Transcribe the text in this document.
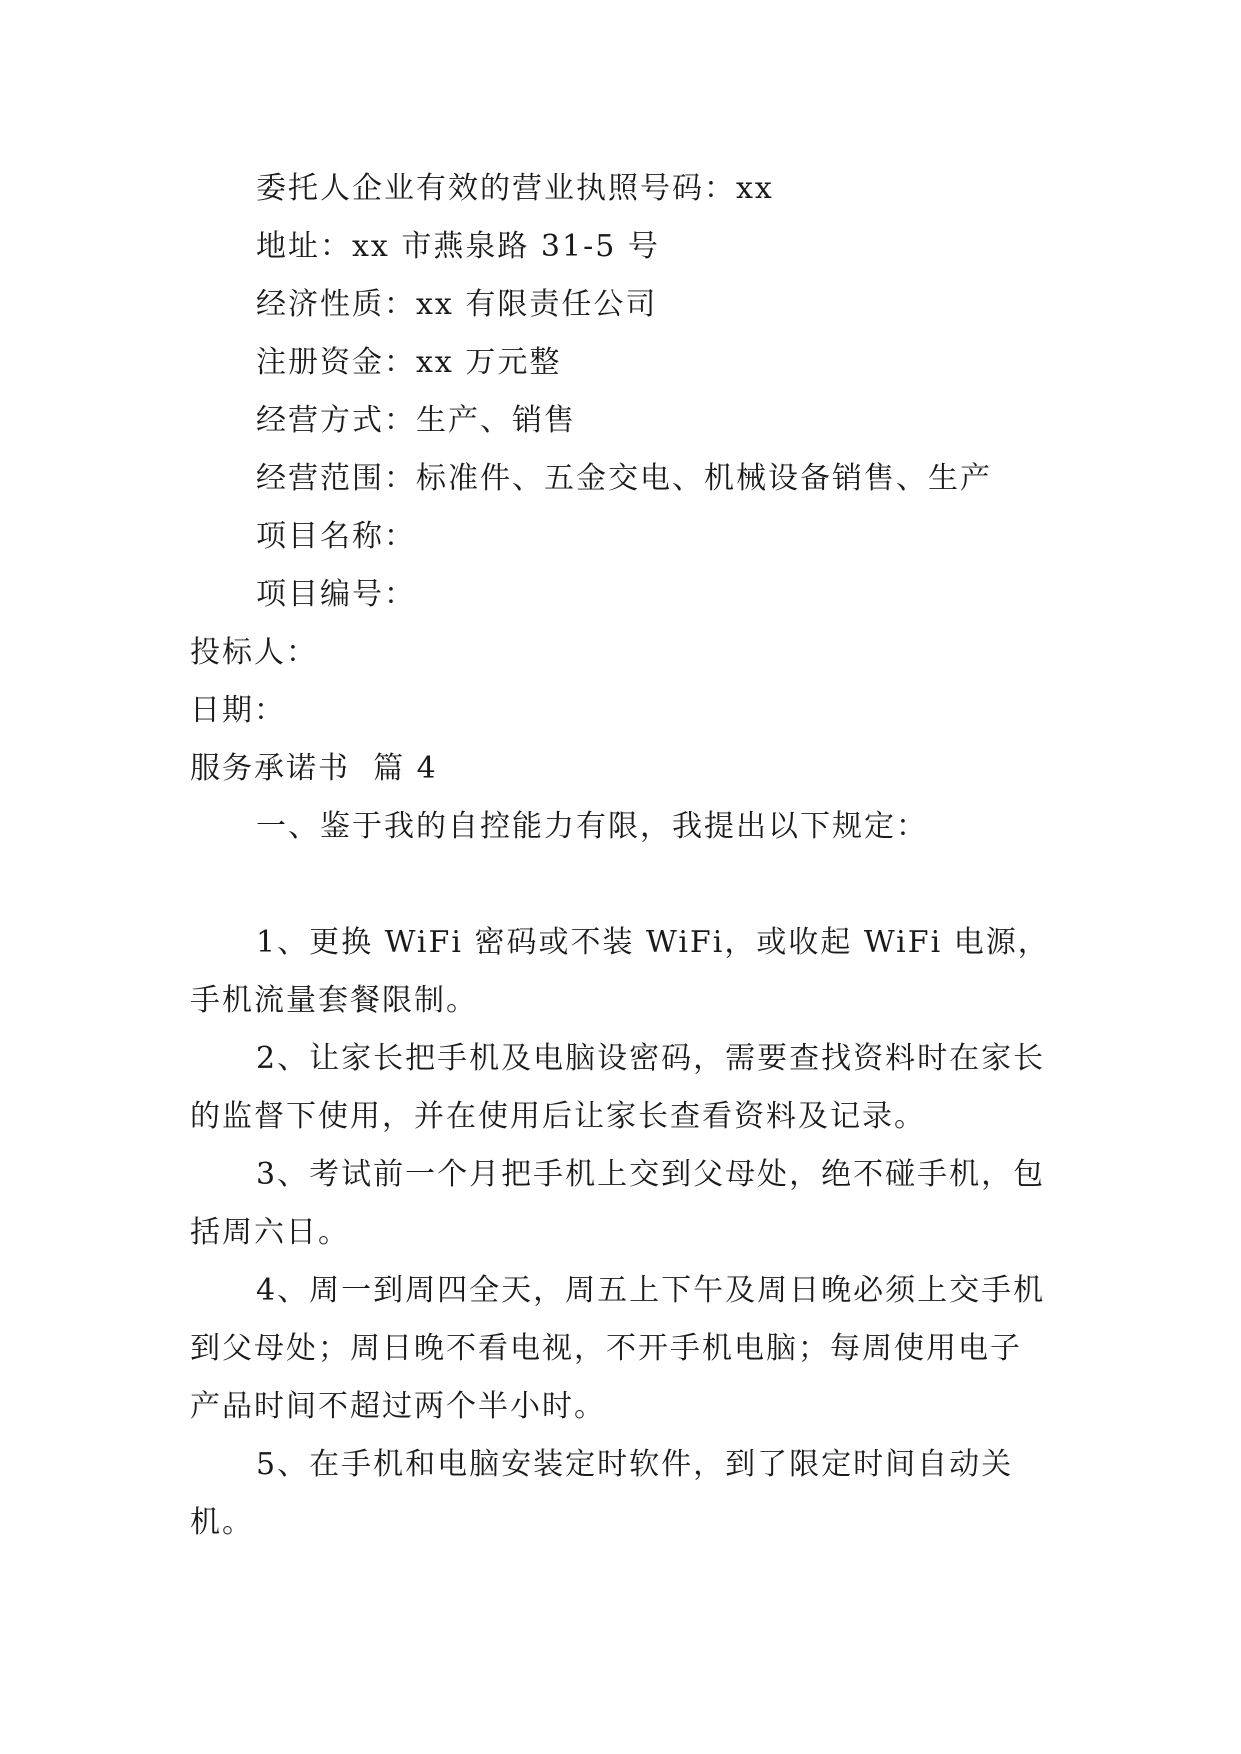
委托人企业有效的营业执照号码：xx
地址：xx 市燕泉路 31-5 号
经济性质：xx 有限责任公司
注册资金：xx 万元整
经营方式：生产、销售
经营范围：标准件、五金交电、机械设备销售、生产
项目名称：
项目编号：
投标人：
日期：
服务承诺书  篇 4
一、鉴于我的自控能力有限，我提出以下规定：

1、更换 WiFi 密码或不装 WiFi，或收起 WiFi 电源，手机流量套餐限制。

2、让家长把手机及电脑设密码，需要查找资料时在家长的监督下使用，并在使用后让家长查看资料及记录。

3、考试前一个月把手机上交到父母处，绝不碰手机，包括周六日。

4、周一到周四全天，周五上下午及周日晚必须上交手机到父母处；周日晚不看电视，不开手机电脑；每周使用电子产品时间不超过两个半小时。

5、在手机和电脑安装定时软件，到了限定时间自动关机。
